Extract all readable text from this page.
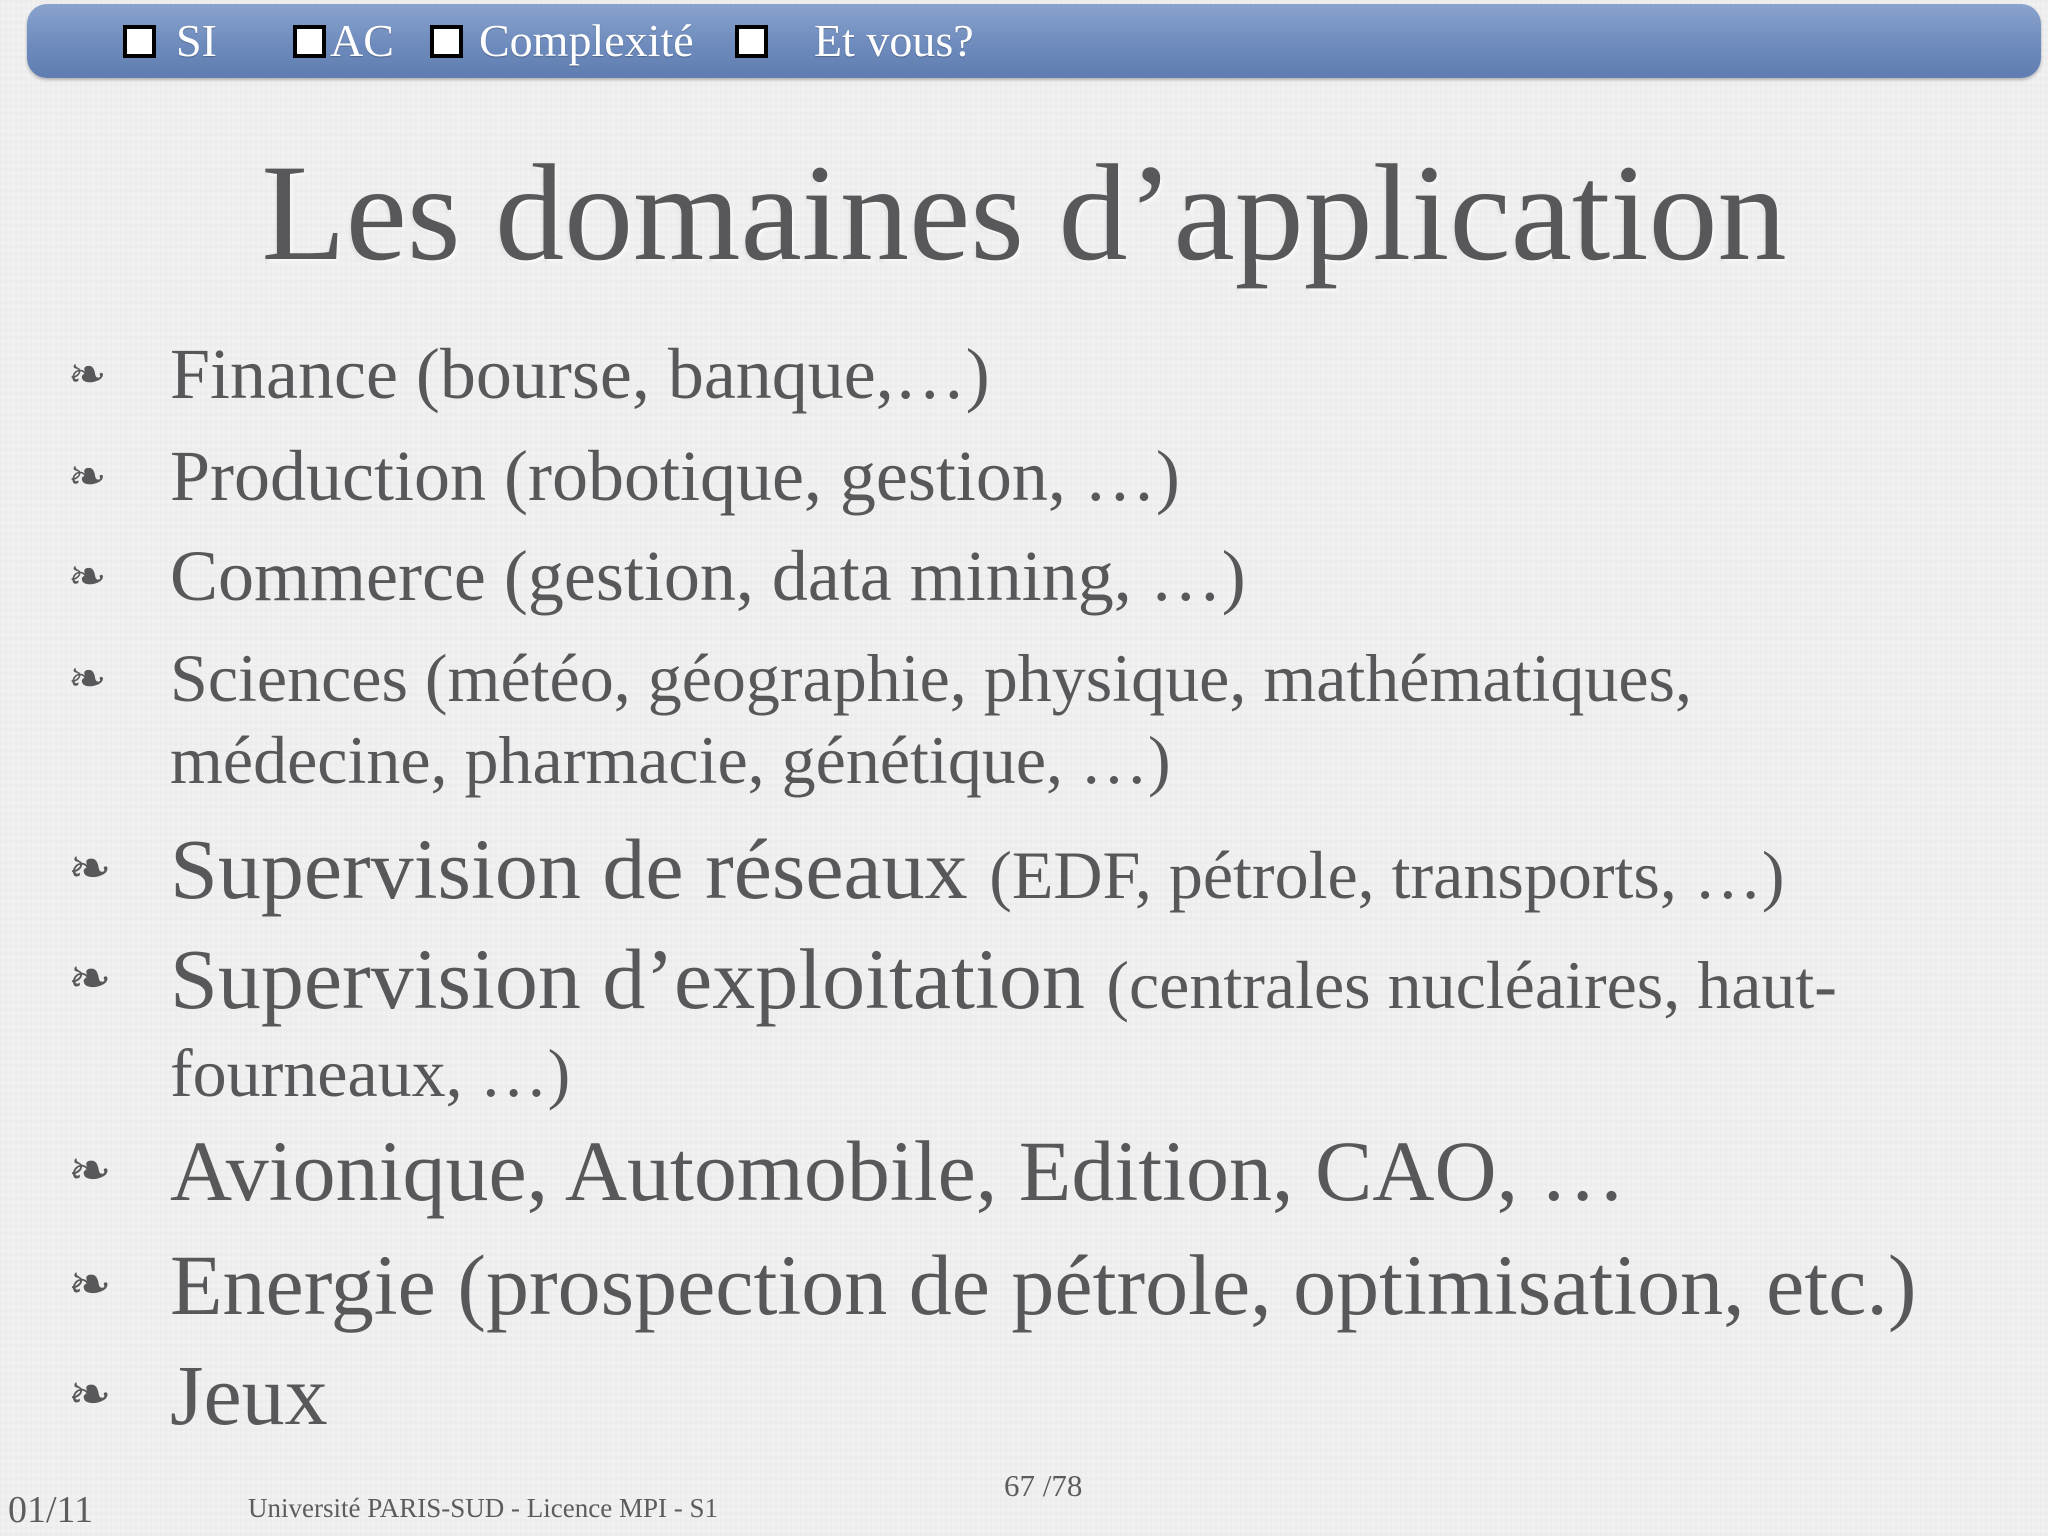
SI AC Complexité	Et vous?
Les domaines d’application
❧ Finance (bourse, banque,…)
❧ Production (robotique, gestion, …)
❧ Commerce (gestion, data mining, …)
❧ Sciences (météo, géographie, physique, mathématiques,
médecine, pharmacie, génétique, …)
❧ Supervision de réseaux (EDF, pétrole, transports, …)
❧ Supervision d’exploitation (centrales nucléaires, haut-
fourneaux, …)
❧ Avionique, Automobile, Edition, CAO, …
❧ Energie (prospection de pétrole, optimisation, etc.)
❧ Jeux
01/11	Université PARIS-SUD - Licence MPI - S1
67 /78
